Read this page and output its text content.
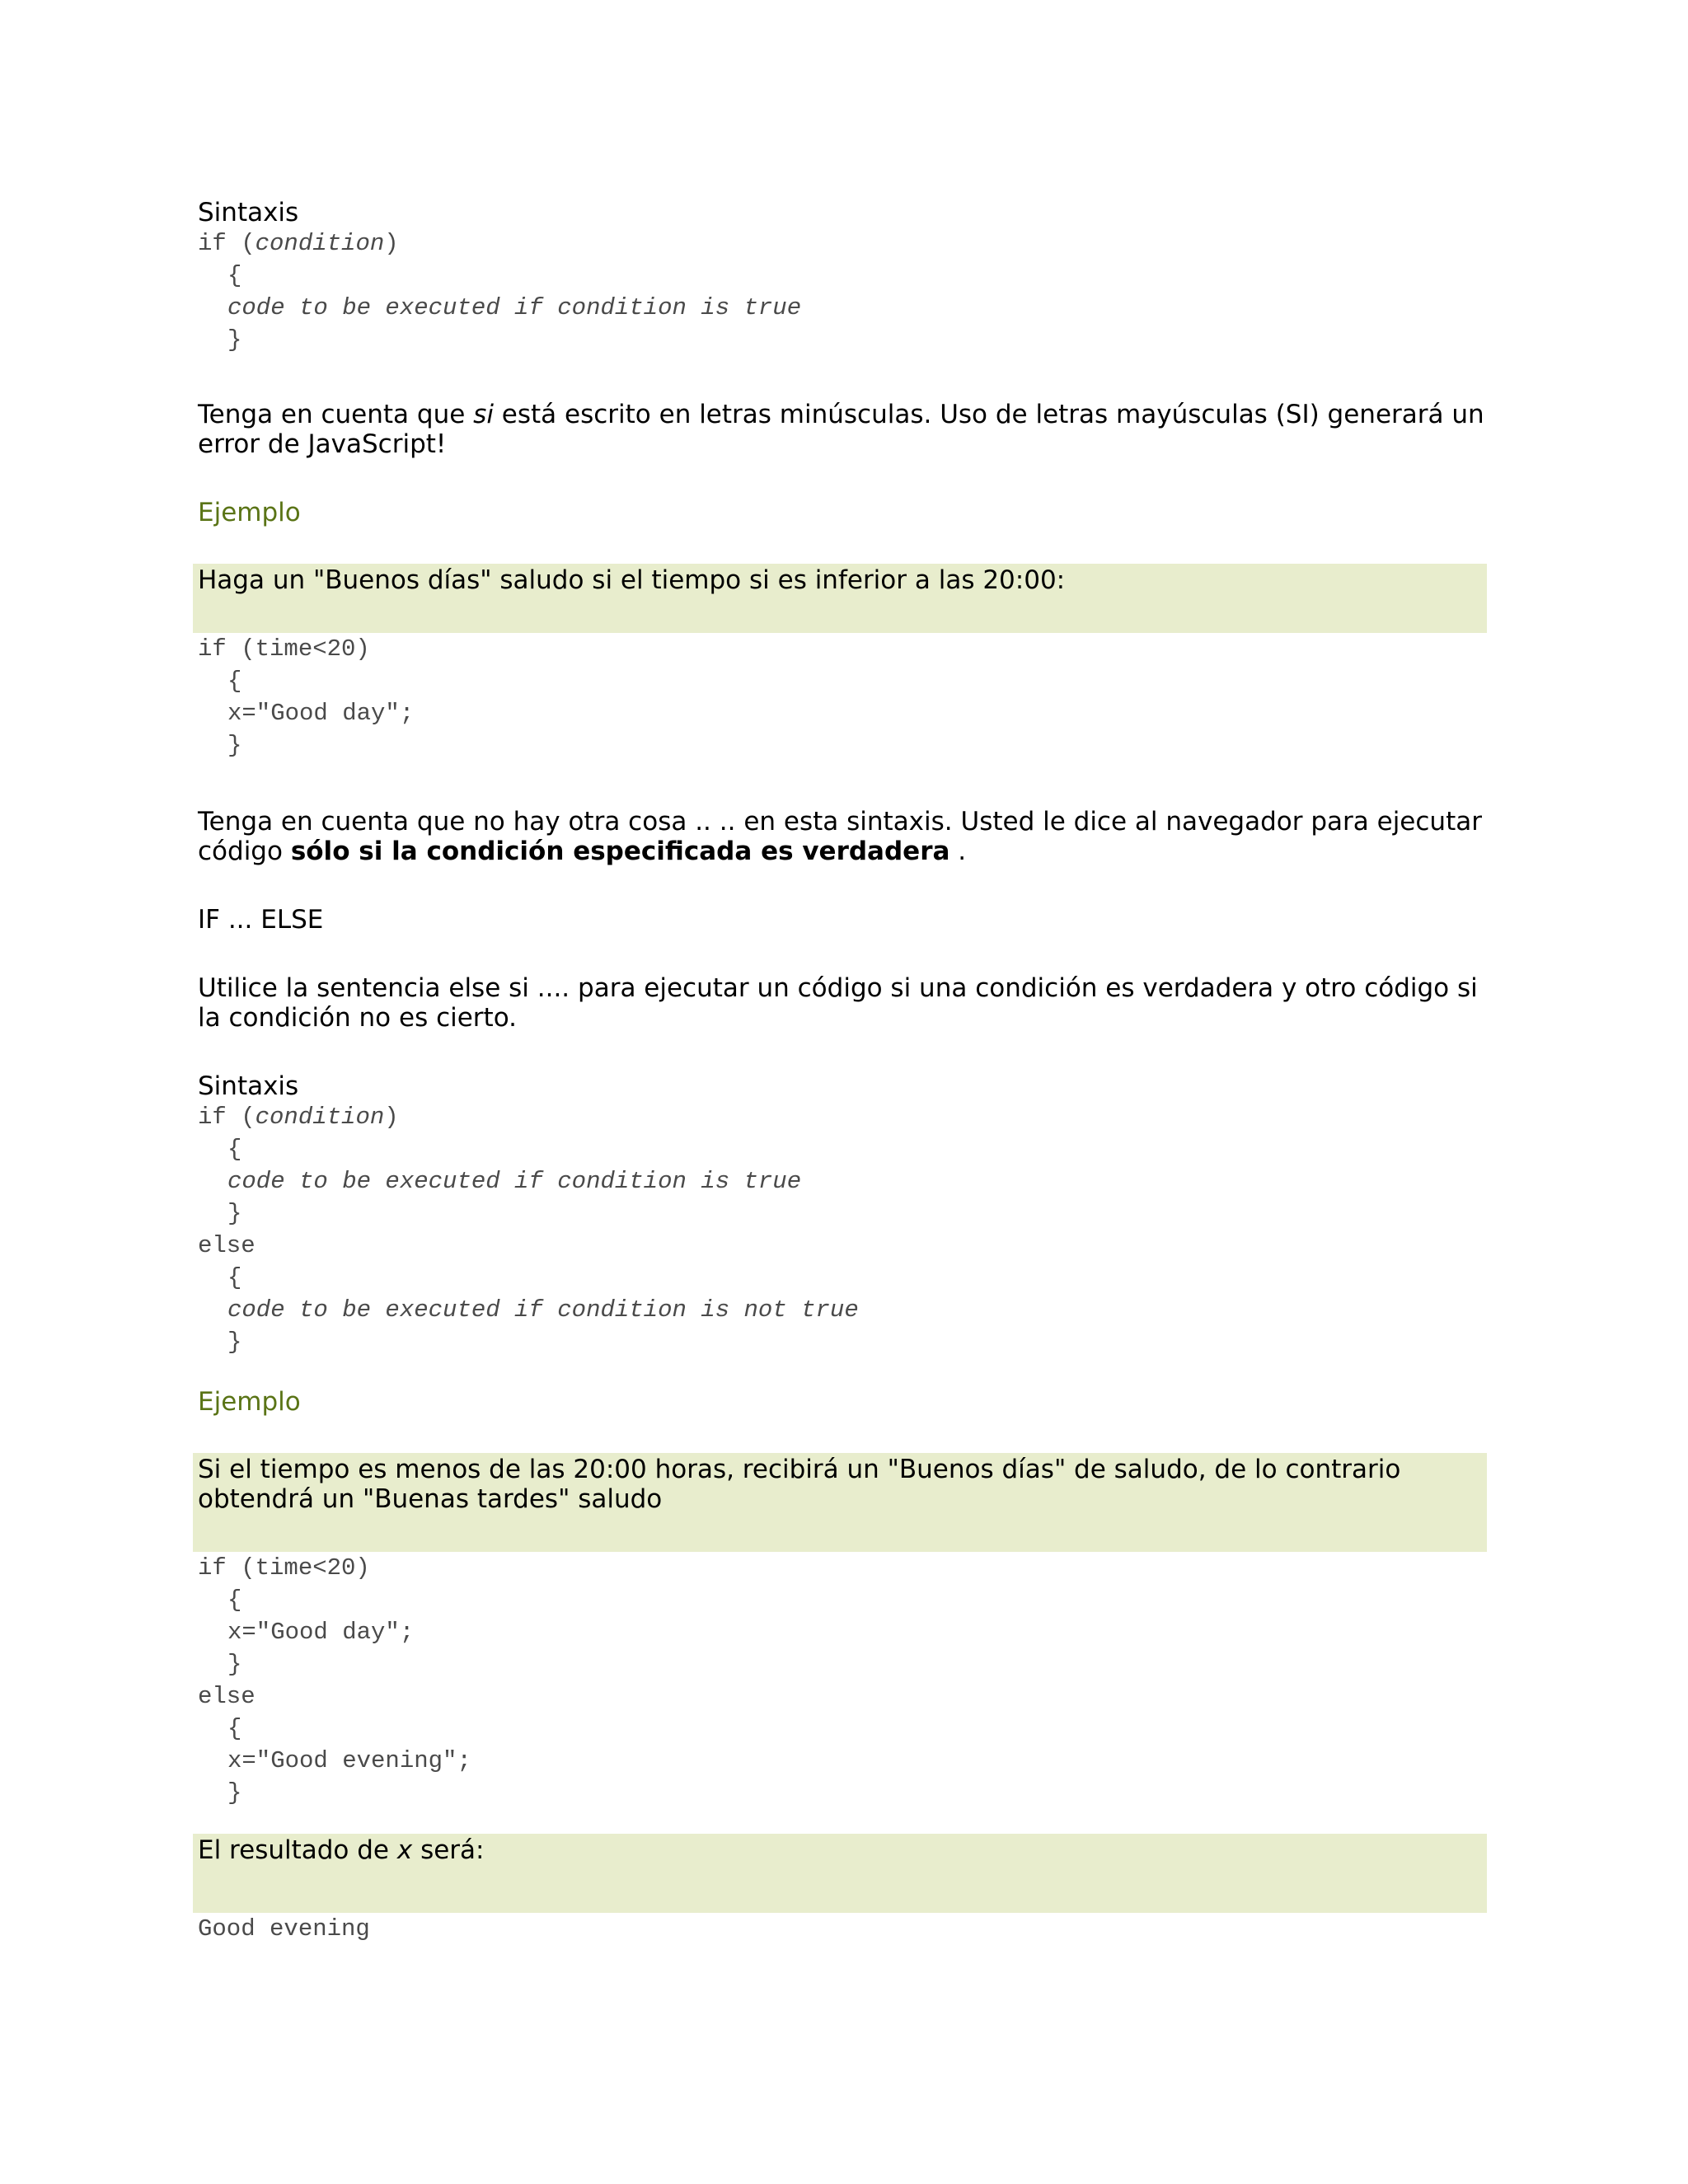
Sintaxis

if (condition)
{
code to be executed if condition is true
}

Tenga en cuenta que si está escrito en letras minúsculas. Uso de letras mayúsculas (SI) generará un error de JavaScript!

Ejemplo

Haga un "Buenos días" saludo si el tiempo si es inferior a las 20:00:

if (time<20)
{
x="Good day";
}

Tenga en cuenta que no hay otra cosa .. .. en esta sintaxis. Usted le dice al navegador para ejecutar código sólo si la condición especificada es verdadera .

IF ... ELSE

Utilice la sentencia else si .... para ejecutar un código si una condición es verdadera y otro código si la condición no es cierto.

Sintaxis

if (condition)
{
code to be executed if condition is true
}
else
{
code to be executed if condition is not true
}

Ejemplo

Si el tiempo es menos de las 20:00 horas, recibirá un "Buenos días" de saludo, de lo contrario obtendrá un "Buenas tardes" saludo

if (time<20)
{
x="Good day";
}
else
{
x="Good evening";
}

El resultado de x será:

Good evening
